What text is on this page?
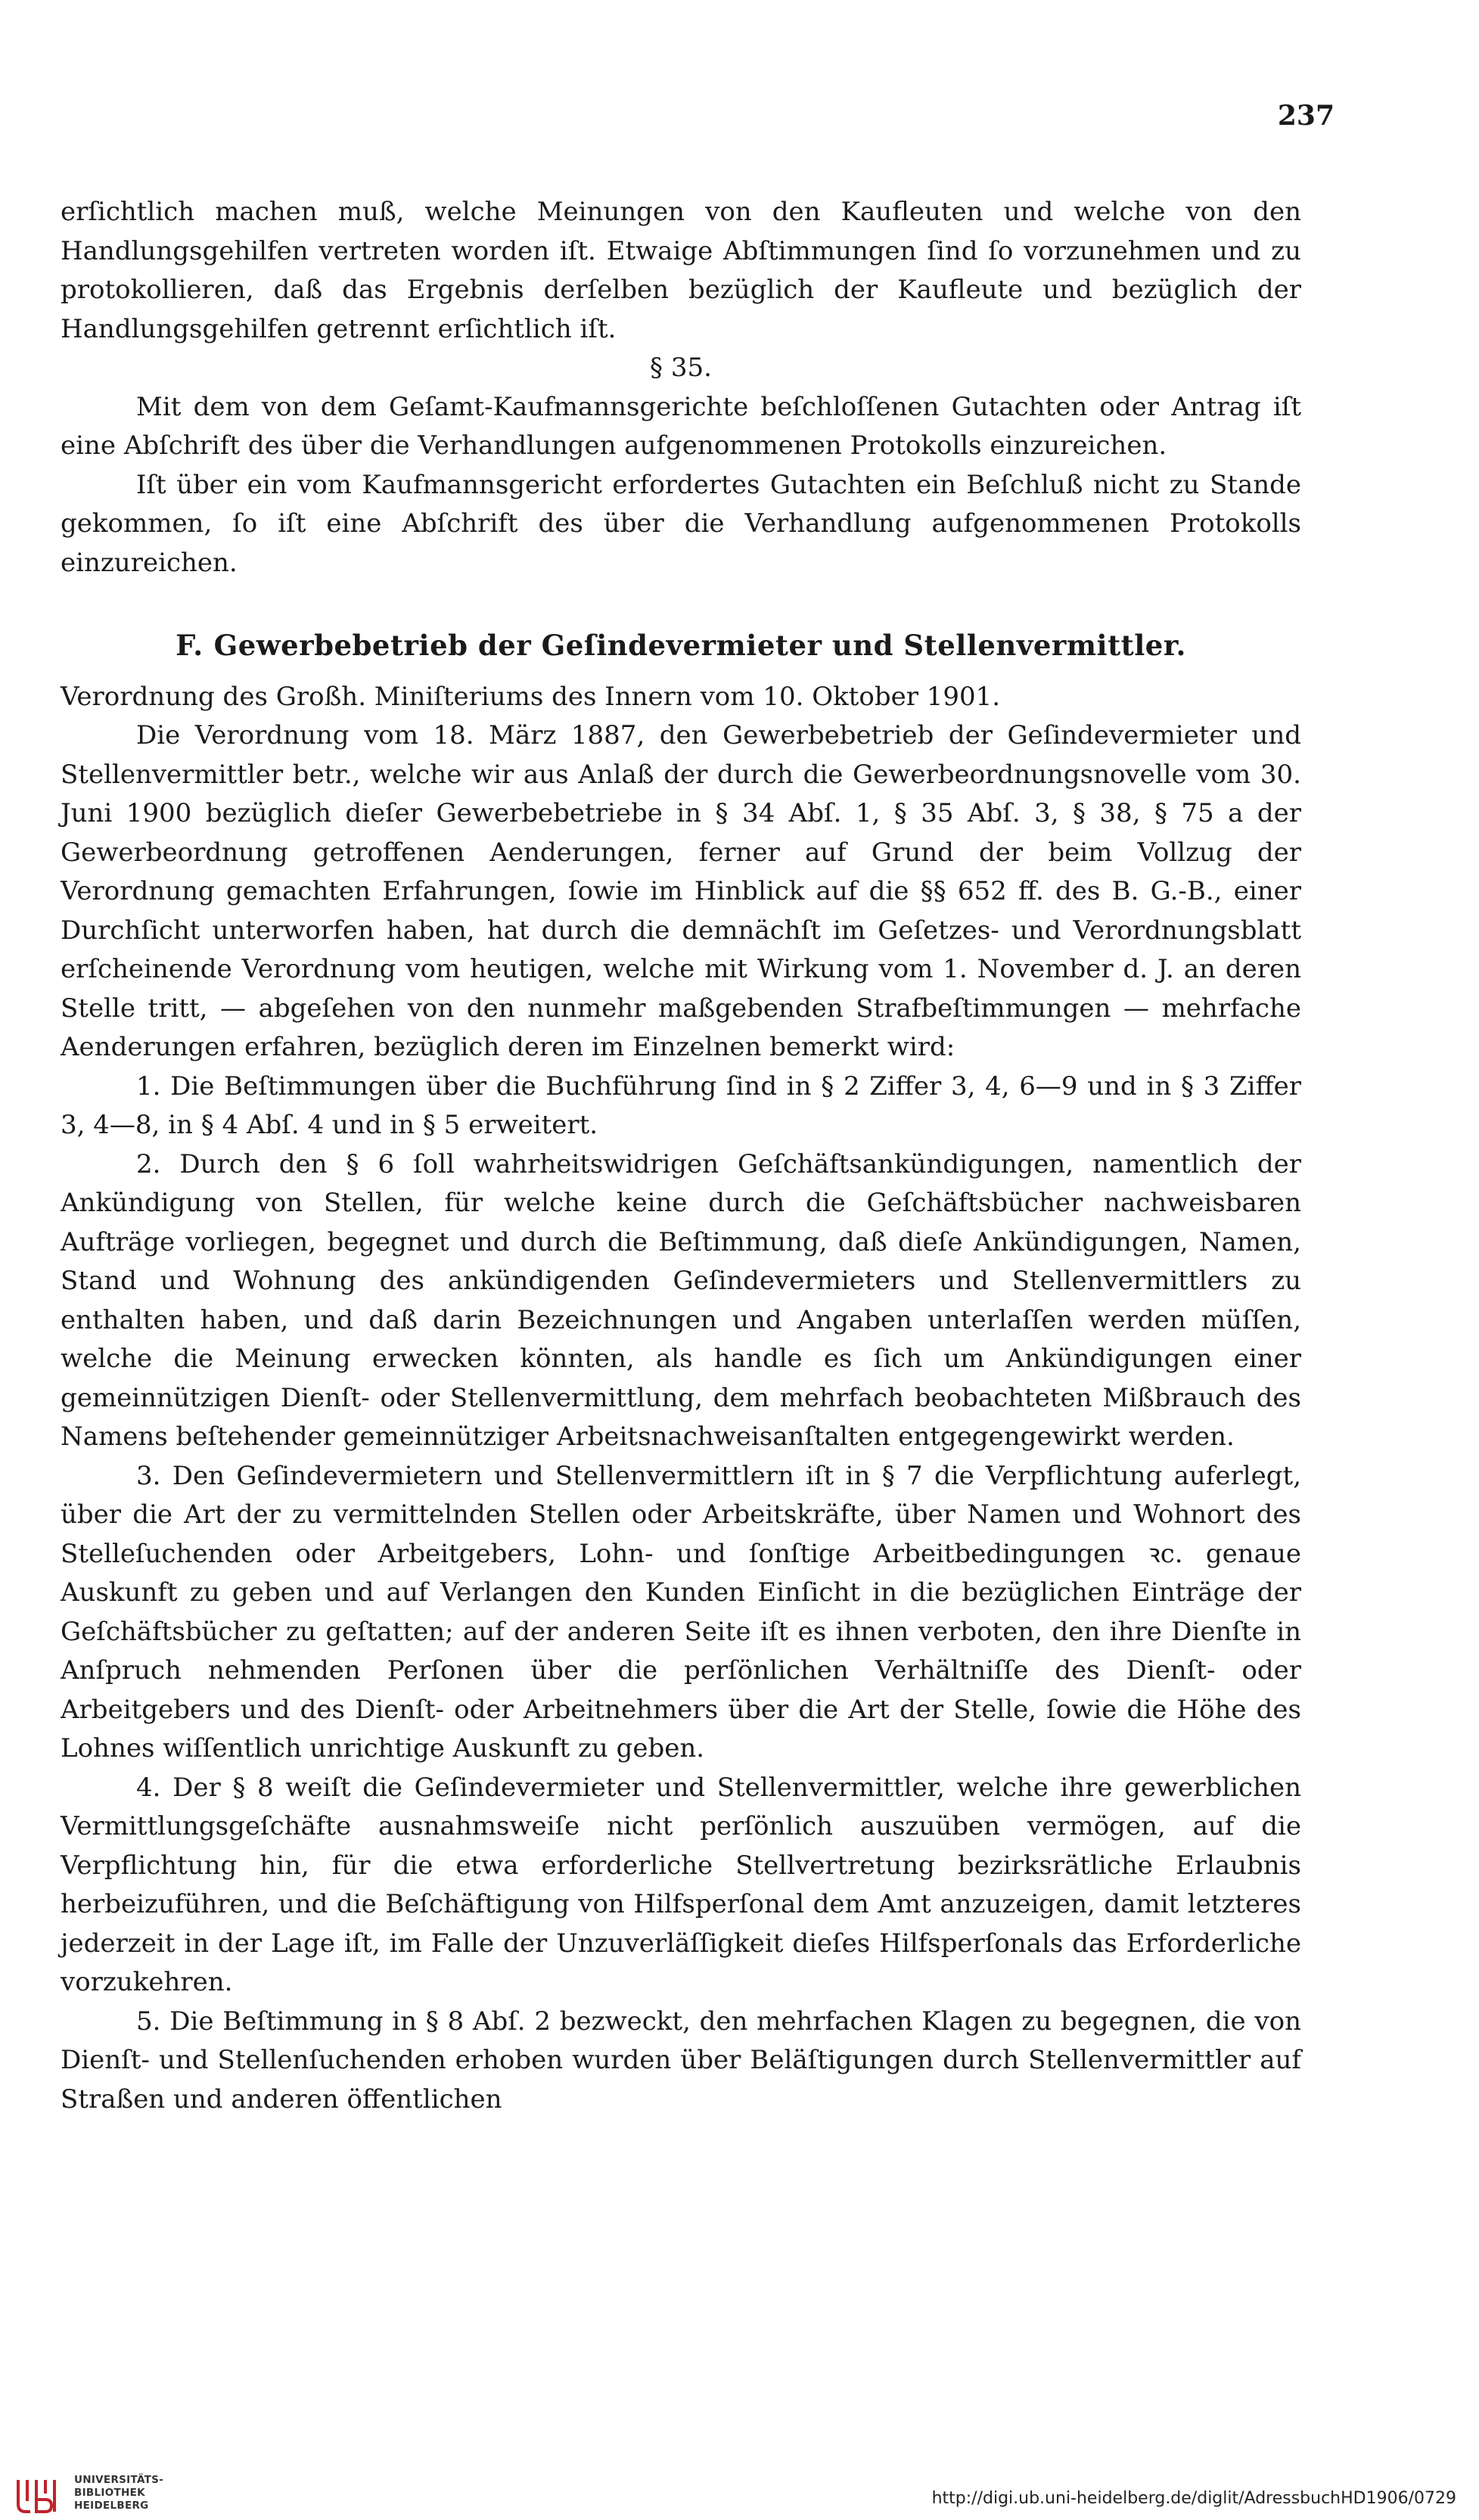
237

erſichtlich machen muß, welche Meinungen von den Kaufleuten und welche von den Handlungsgehilfen vertreten worden iſt. Etwaige Abſtimmungen ſind ſo vorzunehmen und zu protokollieren, daß das Ergebnis derſelben bezüglich der Kaufleute und bezüglich der Handlungsgehilfen getrennt erſichtlich iſt.

§ 35.

Mit dem von dem Geſamt-Kaufmannsgerichte beſchloſſenen Gutachten oder Antrag iſt eine Abſchrift des über die Verhandlungen aufgenommenen Protokolls einzureichen.

Iſt über ein vom Kaufmannsgericht erfordertes Gutachten ein Beſchluß nicht zu Stande gekommen, ſo iſt eine Abſchrift des über die Verhandlung aufgenommenen Protokolls einzureichen.

F. Gewerbebetrieb der Geſindevermieter und Stellenvermittler.

Verordnung des Großh. Miniſteriums des Innern vom 10. Oktober 1901.

Die Verordnung vom 18. März 1887, den Gewerbebetrieb der Geſindevermieter und Stellenvermittler betr., welche wir aus Anlaß der durch die Gewerbeordnungsnovelle vom 30. Juni 1900 bezüglich dieſer Gewerbebetriebe in § 34 Abſ. 1, § 35 Abſ. 3, § 38, § 75 a der Gewerbeordnung getroffenen Aenderungen, ferner auf Grund der beim Vollzug der Verordnung gemachten Erfahrungen, ſowie im Hinblick auf die §§ 652 ff. des B. G.-B., einer Durchſicht unterworfen haben, hat durch die demnächſt im Geſetzes- und Verordnungsblatt erſcheinende Verordnung vom heutigen, welche mit Wirkung vom 1. November d. J. an deren Stelle tritt, — abgeſehen von den nunmehr maßgebenden Strafbeſtimmungen — mehrfache Aenderungen erfahren, bezüglich deren im Einzelnen bemerkt wird:

1. Die Beſtimmungen über die Buchführung ſind in § 2 Ziffer 3, 4, 6—9 und in § 3 Ziffer 3, 4—8, in § 4 Abſ. 4 und in § 5 erweitert.

2. Durch den § 6 ſoll wahrheitswidrigen Geſchäftsankündigungen, namentlich der Ankündigung von Stellen, für welche keine durch die Geſchäftsbücher nachweisbaren Aufträge vorliegen, begegnet und durch die Beſtimmung, daß dieſe Ankündigungen, Namen, Stand und Wohnung des ankündigenden Geſindevermieters und Stellenvermittlers zu enthalten haben, und daß darin Bezeichnungen und Angaben unterlaſſen werden müſſen, welche die Meinung erwecken könnten, als handle es ſich um Ankündigungen einer gemeinnützigen Dienſt- oder Stellenvermittlung, dem mehrfach beobachteten Mißbrauch des Namens beſtehender gemeinnütziger Arbeitsnachweisanſtalten entgegengewirkt werden.

3. Den Geſindevermietern und Stellenvermittlern iſt in § 7 die Verpflichtung auferlegt, über die Art der zu vermittelnden Stellen oder Arbeitskräfte, über Namen und Wohnort des Stelleſuchenden oder Arbeitgebers, Lohn- und ſonſtige Arbeitbedingungen ꝛc. genaue Auskunft zu geben und auf Verlangen den Kunden Einſicht in die bezüglichen Einträge der Geſchäftsbücher zu geſtatten; auf der anderen Seite iſt es ihnen verboten, den ihre Dienſte in Anſpruch nehmenden Perſonen über die perſönlichen Verhältniſſe des Dienſt- oder Arbeitgebers und des Dienſt- oder Arbeitnehmers über die Art der Stelle, ſowie die Höhe des Lohnes wiſſentlich unrichtige Auskunft zu geben.

4. Der § 8 weiſt die Geſindevermieter und Stellenvermittler, welche ihre gewerblichen Vermittlungsgeſchäfte ausnahmsweiſe nicht perſönlich auszuüben vermögen, auf die Verpflichtung hin, für die etwa erforderliche Stellvertretung bezirksrätliche Erlaubnis herbeizuführen, und die Beſchäftigung von Hilfsperſonal dem Amt anzuzeigen, damit letzteres jederzeit in der Lage iſt, im Falle der Unzuverläſſigkeit dieſes Hilfsperſonals das Erforderliche vorzukehren.

5. Die Beſtimmung in § 8 Abſ. 2 bezweckt, den mehrfachen Klagen zu begegnen, die von Dienſt- und Stellenſuchenden erhoben wurden über Beläſtigungen durch Stellenvermittler auf Straßen und anderen öffentlichen

UNIVERSITÄTS-
BIBLIOTHEK
HEIDELBERG	http://digi.ub.uni-heidelberg.de/diglit/AdressbuchHD1906/0729
